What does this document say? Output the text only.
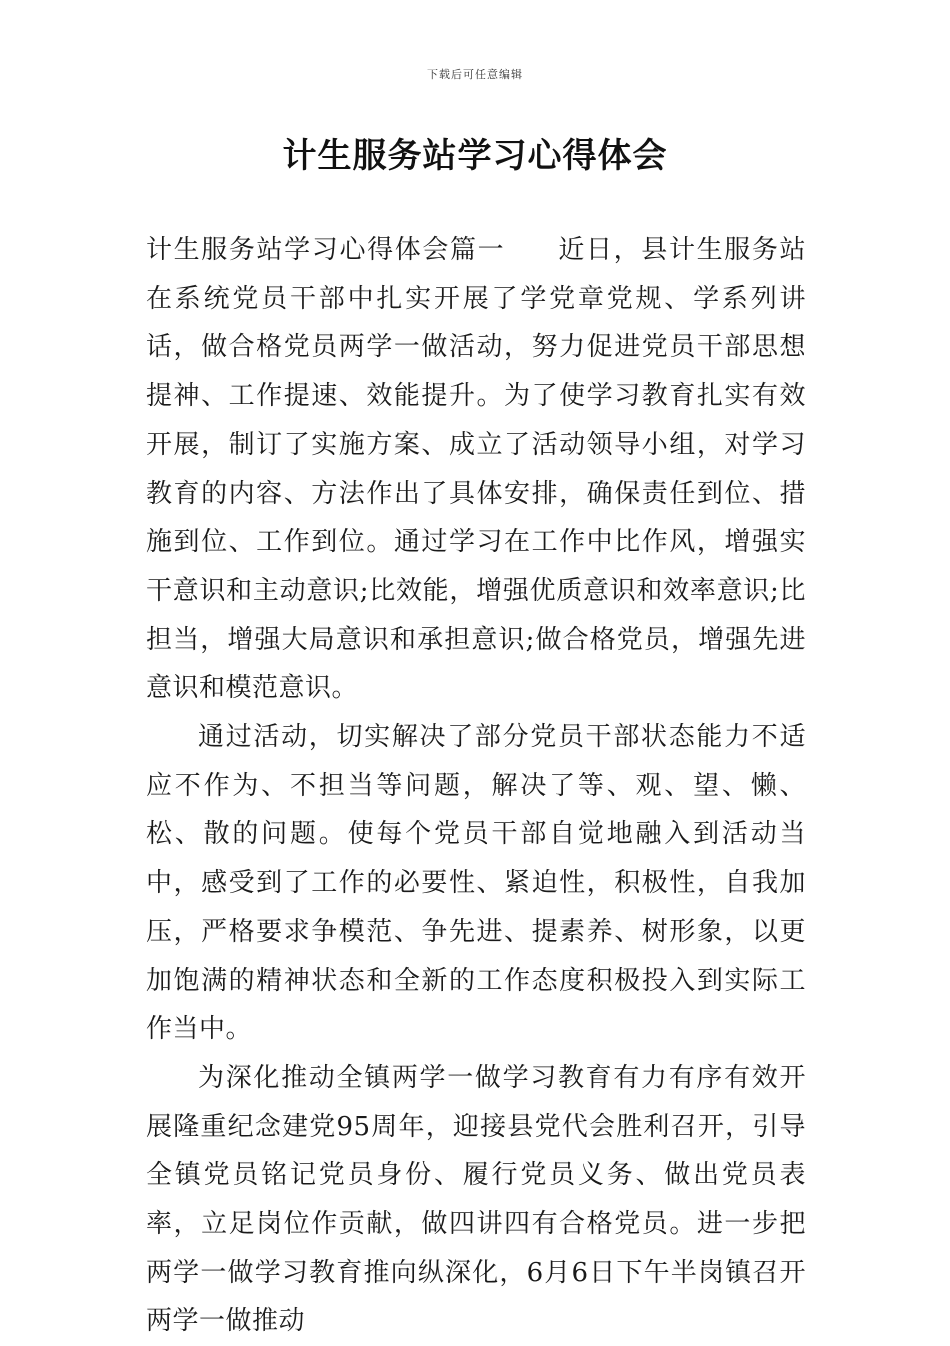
下载后可任意编辑
计生服务站学习心得体会

计生服务站学习心得体会篇一 近日，县计生服务站在系统党员干部中扎实开展了学党章党规、学系列讲话，做合格党员两学一做活动，努力促进党员干部思想提神、工作提速、效能提升。为了使学习教育扎实有效开展，制订了实施方案、成立了活动领导小组，对学习教育的内容、方法作出了具体安排，确保责任到位、措施到位、工作到位。通过学习在工作中比作风，增强实干意识和主动意识;比效能，增强优质意识和效率意识;比担当，增强大局意识和承担意识;做合格党员，增强先进意识和模范意识。

通过活动，切实解决了部分党员干部状态能力不适应不作为、不担当等问题，解决了等、观、望、懒、松、散的问题。使每个党员干部自觉地融入到活动当中，感受到了工作的必要性、紧迫性，积极性，自我加压，严格要求争模范、争先进、提素养、树形象，以更加饱满的精神状态和全新的工作态度积极投入到实际工作当中。

为深化推动全镇两学一做学习教育有力有序有效开展隆重纪念建党95周年，迎接县党代会胜利召开，引导全镇党员铭记党员身份、履行党员义务、做出党员表率，立足岗位作贡献，做四讲四有合格党员。进一步把两学一做学习教育推向纵深化，6月6日下午半岗镇召开两学一做推动
